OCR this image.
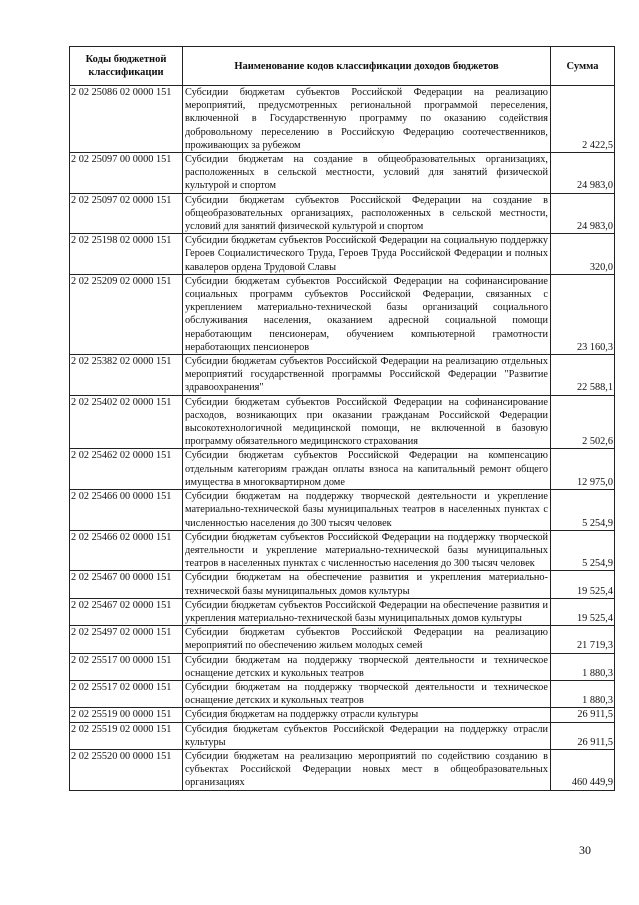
Коды бюджетной классификации	Наименование кодов классификации доходов бюджетов	Сумма
2 02 25086 02 0000 151	Субсидии бюджетам субъектов Российской Федерации на реализацию мероприятий, предусмотренных региональной программой переселения, включенной в Государственную программу по оказанию содействия добровольному переселению в Российскую Федерацию соотечественников, проживающих за рубежом	2 422,5
2 02 25097 00 0000 151	Субсидии бюджетам на создание в общеобразовательных организациях, расположенных в сельской местности, условий для занятий физической культурой и спортом	24 983,0
2 02 25097 02 0000 151	Субсидии бюджетам субъектов Российской Федерации на создание в общеобразовательных организациях, расположенных в сельской местности, условий для занятий физической культурой и спортом	24 983,0
2 02 25198 02 0000 151	Субсидии бюджетам субъектов Российской Федерации на социальную поддержку Героев Социалистического Труда, Героев Труда Российской Федерации и полных кавалеров ордена Трудовой Славы	320,0
2 02 25209 02 0000 151	Субсидии бюджетам субъектов Российской Федерации на софинансирование социальных программ субъектов Российской Федерации, связанных с укреплением материально-технической базы организаций социального обслуживания населения, оказанием адресной социальной помощи неработающим пенсионерам, обучением компьютерной грамотности неработающих пенсионеров	23 160,3
2 02 25382 02 0000 151	Субсидии бюджетам субъектов Российской Федерации на реализацию отдельных мероприятий государственной программы Российской Федерации "Развитие здравоохранения"	22 588,1
2 02 25402 02 0000 151	Субсидии бюджетам субъектов Российской Федерации на софинансирование расходов, возникающих при оказании гражданам Российской Федерации высокотехнологичной медицинской помощи, не включенной в базовую программу обязательного медицинского страхования	2 502,6
2 02 25462 02 0000 151	Субсидии бюджетам субъектов Российской Федерации на компенсацию отдельным категориям граждан оплаты взноса на капитальный ремонт общего имущества в многоквартирном доме	12 975,0
2 02 25466 00 0000 151	Субсидии бюджетам на поддержку творческой деятельности и укрепление материально-технической базы муниципальных театров в населенных пунктах с численностью населения до 300 тысяч человек	5 254,9
2 02 25466 02 0000 151	Субсидии бюджетам субъектов Российской Федерации на поддержку творческой деятельности и укрепление материально-технической базы муниципальных театров в населенных пунктах с численностью населения до 300 тысяч человек	5 254,9
2 02 25467 00 0000 151	Субсидии бюджетам на обеспечение развития и укрепления материально-технической базы муниципальных домов культуры	19 525,4
2 02 25467 02 0000 151	Субсидии бюджетам субъектов Российской Федерации на обеспечение развития и укрепления материально-технической базы муниципальных домов культуры	19 525,4
2 02 25497 02 0000 151	Субсидии бюджетам субъектов Российской Федерации на реализацию мероприятий по обеспечению жильем молодых семей	21 719,3
2 02 25517 00 0000 151	Субсидии бюджетам на поддержку творческой деятельности и техническое оснащение детских и кукольных театров	1 880,3
2 02 25517 02 0000 151	Субсидии бюджетам на поддержку творческой деятельности и техническое оснащение детских и кукольных театров	1 880,3
2 02 25519 00 0000 151	Субсидия бюджетам на поддержку отрасли культуры	26 911,5
2 02 25519 02 0000 151	Субсидия бюджетам субъектов Российской Федерации на поддержку отрасли культуры	26 911,5
2 02 25520 00 0000 151	Субсидии бюджетам на реализацию мероприятий по содействию созданию в субъектах Российской Федерации новых мест в общеобразовательных организациях	460 449,9
30
